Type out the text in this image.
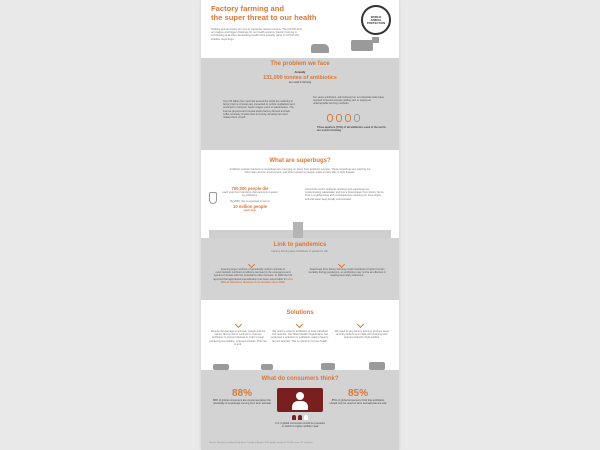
Factory farming and
the super threat to our health	WORLD
ANIMAL
PROTECTION

Tackling animal cruelty isn't just to create fair reason humans. The COVID-19 is an imagine and bigger challenge for our health systems. Factory farming is contributing to another devastating health crisis possibly piling in COVID-19's shadow: superbugs.

The problem we face
Annually
131,000 tonnes of antibiotics
are used in farming

Over 50 billion farm animals around the world are suffering in factory farms. Animals are prevented to puzzle mutilations and confined to cramped, barren cages, pens or warehouses. The intense physical and mental stress factory-farmed animals suffer seriously impairs their immunity, development and makes them unwell.

For years antibiotics, administered on an industrial scale have stopped stressed animals getting sick or paying as unacceptable farming methods.

Three-quarters (75%) of all antibiotics used in the world are used in farming

What are superbugs?

Antibiotic resistant bacteria or superbugs are emerging on farms from antibiotic overuse. These superbugs are entering our food chain and our environment, and when passed to people, make us less able to fight disease.

700,000 people die
each year from infections that cannot be treated by antibiotics.
By 2050, this is expected to rise to
10 million people
each year.

Around the world, antibiotic residues and superbugs are contaminating wastewater and rivers downstream from factory farms. This is a global issue with consequences reaching our food supply, soil and water keep locally concentrated.

Link to pandemics
Factory farming also contributes to pandemic risk.

Keeping large numbers of genetically uniform animals in overcrowded, confined conditions can lead to the emergence and spread of viruses with the potential to infect humans. In 2009 the UN reported that agricultural intensification has been responsible for over 50% of infectious diseases from animals since 1940.

Superbugs from factory farming could contribute to higher human mortality during pandemics, as antibiotics may not be as effective in treating secondary infections.

Solutions

Despite the damage to animals, people and the planet, factory farms continue to overuse antibiotics to prevent disease in order to keep producing low-welfare, stressed animals. This has to end.

We need to reserve antibiotics to treat individual sick animals. The World Health Organization has endorsed a reduction in antibiotics used in factory-farmed animals. This is critical for human health.

We need to stop factory farming, produce fewer animal products and make all remaining farm animal production high-welfare.

What do consumers think?
88%
88% of global consumers are concerned about the possibility of superbugs coming from farm animals

2 in 3 global consumers would be prepared to switch to higher welfare meat

85%
85% of global consumers think that antibiotics should only be used on farm animals that are sick

Source: Research conducted by Ipsos Canada in August 2020 global sample of 12,000 across 15 countries
